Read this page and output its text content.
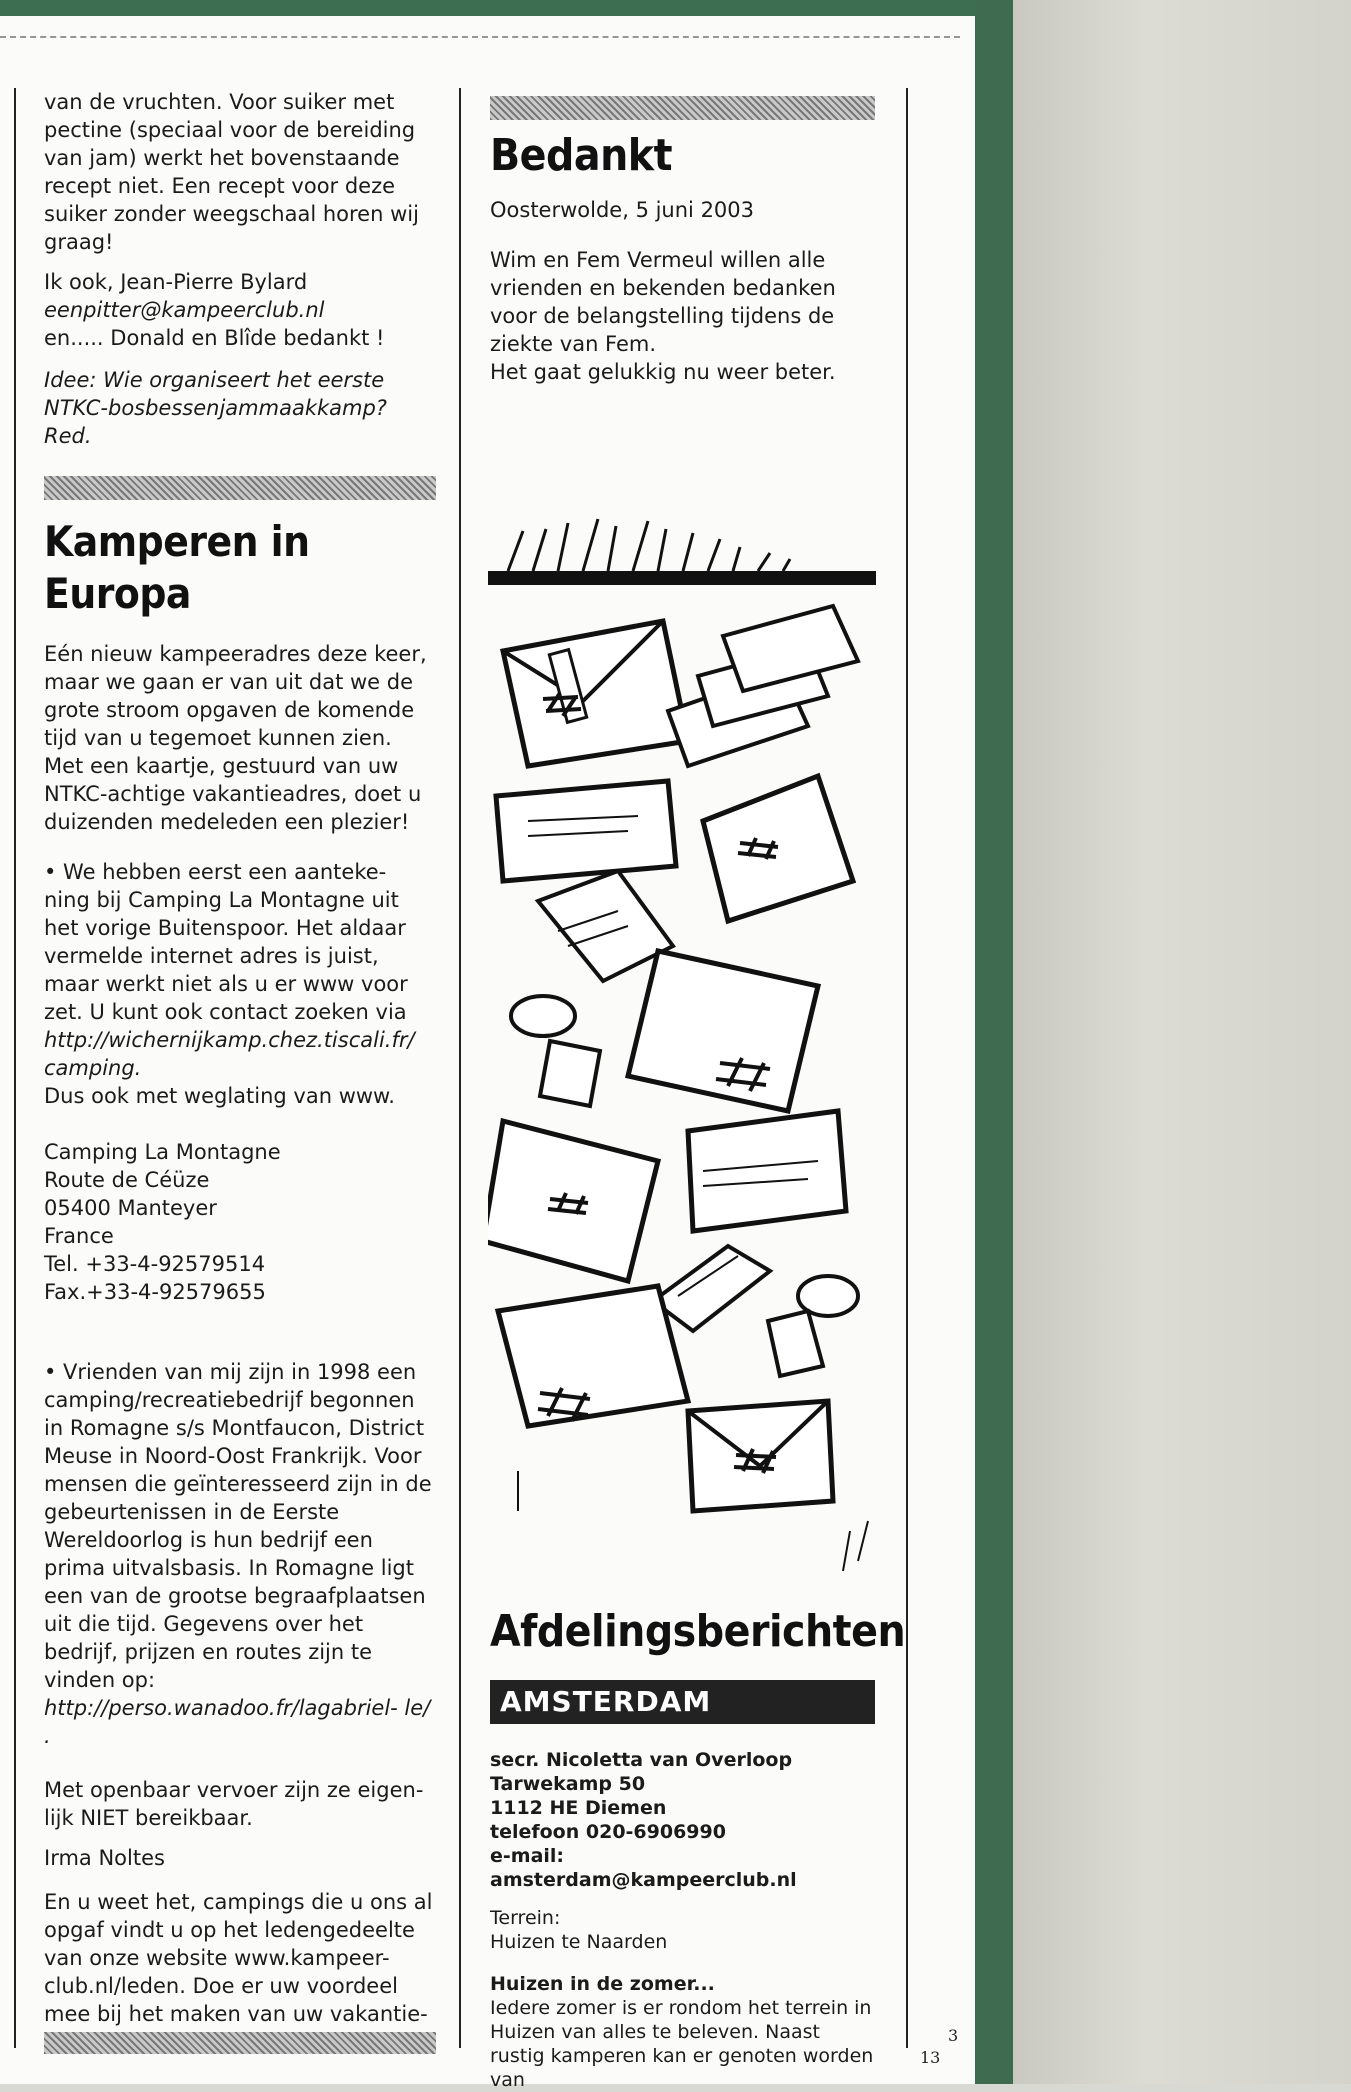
van de vruchten. Voor suiker met pectine (speciaal voor de bereiding van jam) werkt het bovenstaande recept niet. Een recept voor deze suiker zonder weegschaal horen wij graag!

Ik ook, Jean-Pierre Bylard
eenpitter@kampeerclub.nl
en..... Donald en Blîde bedankt !
Idee: Wie organiseert het eerste NTKC-bosbessenjammaakkamp?
Red.
Kamperen in Europa

Eén nieuw kampeeradres deze keer, maar we gaan er van uit dat we de grote stroom opgaven de komende tijd van u tegemoet kunnen zien. Met een kaartje, gestuurd van uw NTKC-achtige vakantieadres, doet u duizenden medeleden een plezier!

• We hebben eerst een aanteke- ning bij Camping La Montagne uit het vorige Buitenspoor. Het aldaar vermelde internet adres is juist, maar werkt niet als u er www voor zet. U kunt ook contact zoeken via
http://wichernijkamp.chez.tiscali.fr/ camping.
Dus ook met weglating van www.
Camping La Montagne
Route de Céüze
05400 Manteyer
France
Tel. +33-4-92579514
Fax.+33-4-92579655
• Vrienden van mij zijn in 1998 een camping/recreatiebedrijf begonnen in Romagne s/s Montfaucon, District Meuse in Noord-Oost Frankrijk. Voor mensen die geïnteresseerd zijn in de gebeurtenissen in de Eerste Wereldoorlog is hun bedrijf een prima uitvalsbasis. In Romagne ligt een van de grootse begraafplaatsen uit die tijd. Gegevens over het bedrijf, prijzen en routes zijn te vinden op:
http://perso.wanadoo.fr/lagabriel- le/ .

Met openbaar vervoer zijn ze eigen- lijk NIET bereikbaar.

Irma Noltes

En u weet het, campings die u ons al opgaf vindt u op het ledengedeelte van onze website www.kampeer- club.nl/leden. Doe er uw voordeel mee bij het maken van uw vakantie-

Bedankt

Oosterwolde, 5 juni 2003

Wim en Fem Vermeul willen alle vrienden en bekenden bedanken voor de belangstelling tijdens de ziekte van Fem.
Het gaat gelukkig nu weer beter.
Afdelingsberichten
AMSTERDAM
secr. Nicoletta van Overloop
Tarwekamp 50
1112 HE Diemen
telefoon 020-6906990
e-mail: amsterdam@kampeerclub.nl
Terrein:
Huizen te Naarden
Huizen in de zomer...
Iedere zomer is er rondom het terrein in Huizen van alles te beleven. Naast rustig kamperen kan er genoten worden van
3
13
